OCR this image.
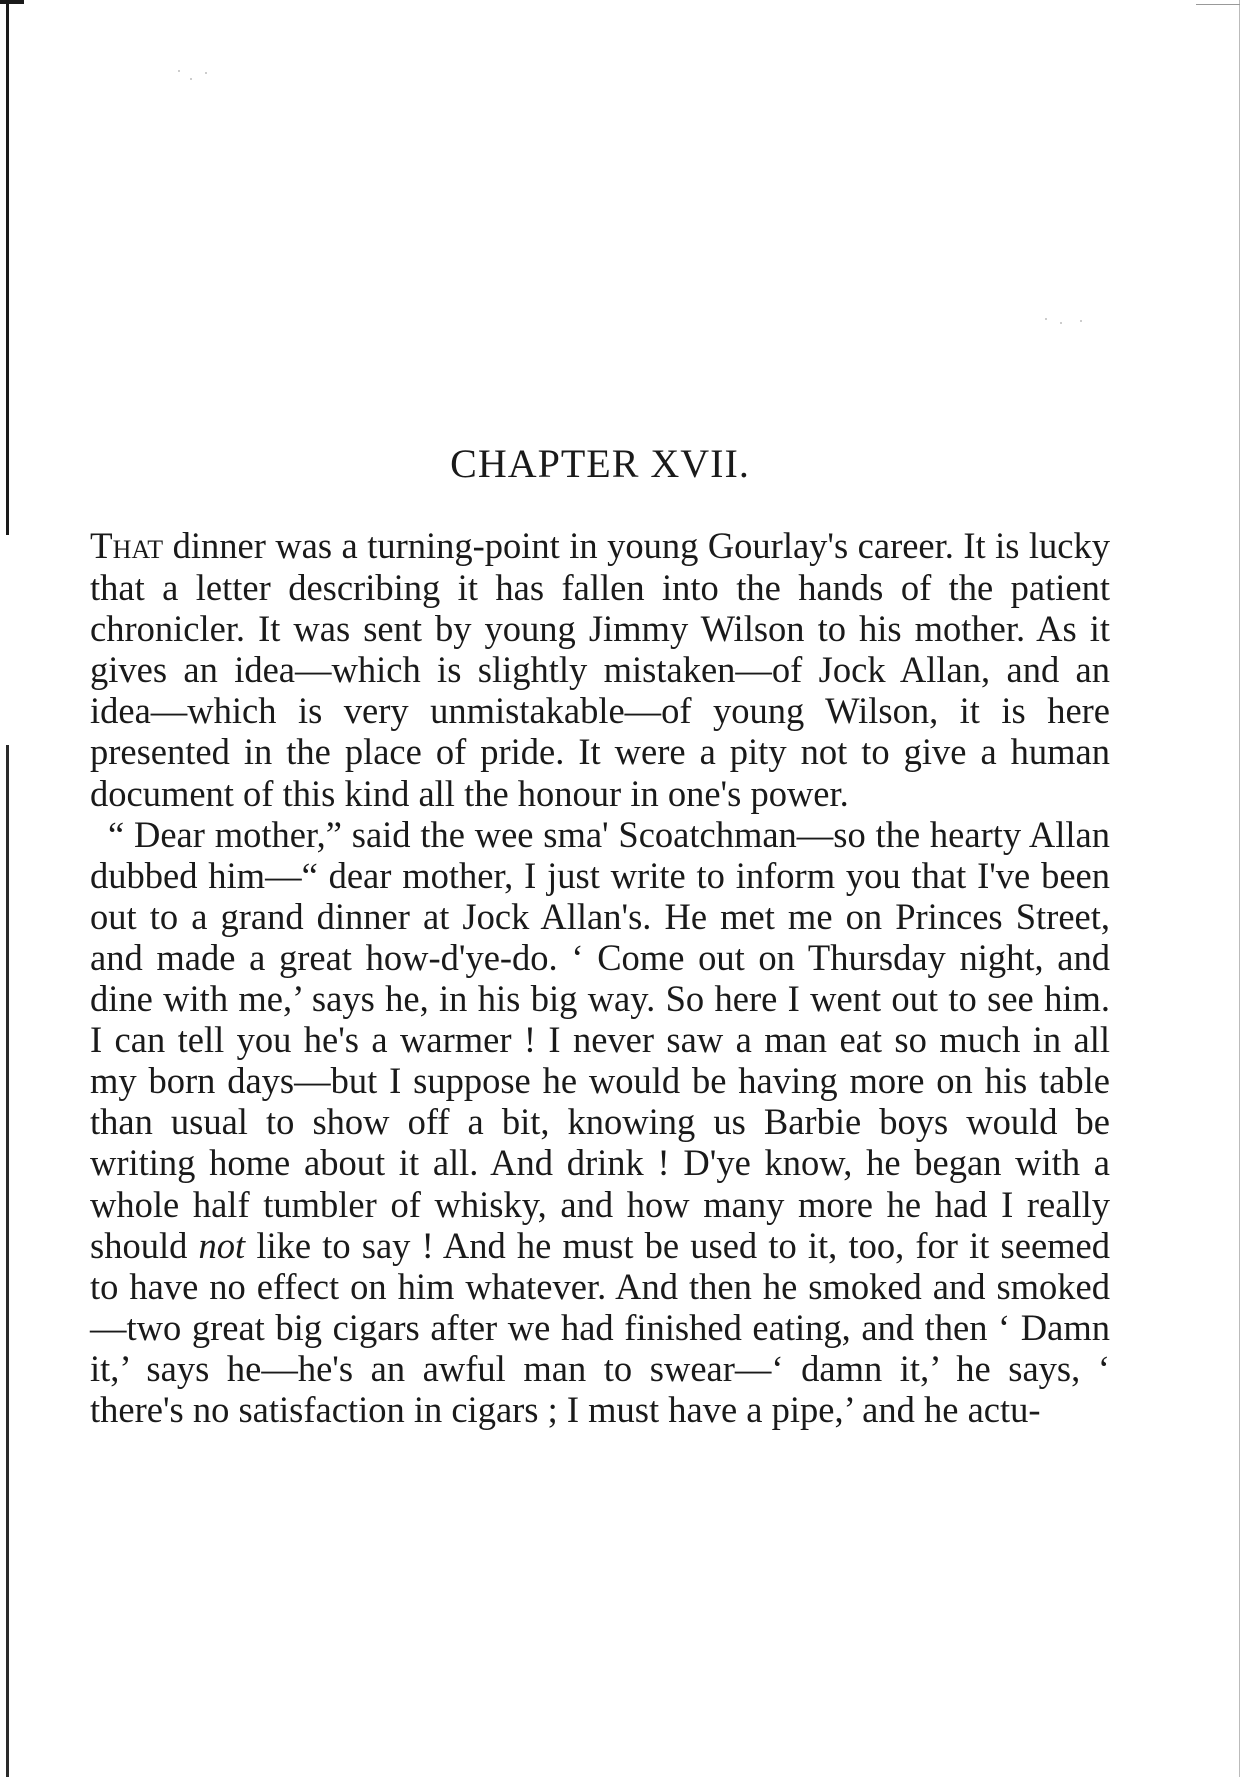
CHAPTER XVII.

That dinner was a turning-point in young Gourlay's career. It is lucky that a letter describing it has fallen into the hands of the patient chronicler. It was sent by young Jimmy Wilson to his mother. As it gives an idea—which is slightly mistaken—of Jock Allan, and an idea—which is very unmistakable—of young Wilson, it is here presented in the place of pride. It were a pity not to give a human document of this kind all the honour in one's power.

“ Dear mother,” said the wee sma' Scoatchman—so the hearty Allan dubbed him—“ dear mother, I just write to inform you that I've been out to a grand dinner at Jock Allan's. He met me on Princes Street, and made a great how-d'ye-do. ‘ Come out on Thursday night, and dine with me,’ says he, in his big way. So here I went out to see him. I can tell you he's a warmer ! I never saw a man eat so much in all my born days—but I suppose he would be having more on his table than usual to show off a bit, knowing us Barbie boys would be writing home about it all. And drink ! D'ye know, he began with a whole half tumbler of whisky, and how many more he had I really should not like to say ! And he must be used to it, too, for it seemed to have no effect on him whatever. And then he smoked and smoked—two great big cigars after we had finished eating, and then ‘ Damn it,’ says he—he's an awful man to swear—‘ damn it,’ he says, ‘ there's no satisfaction in cigars ; I must have a pipe,’ and he actu-
